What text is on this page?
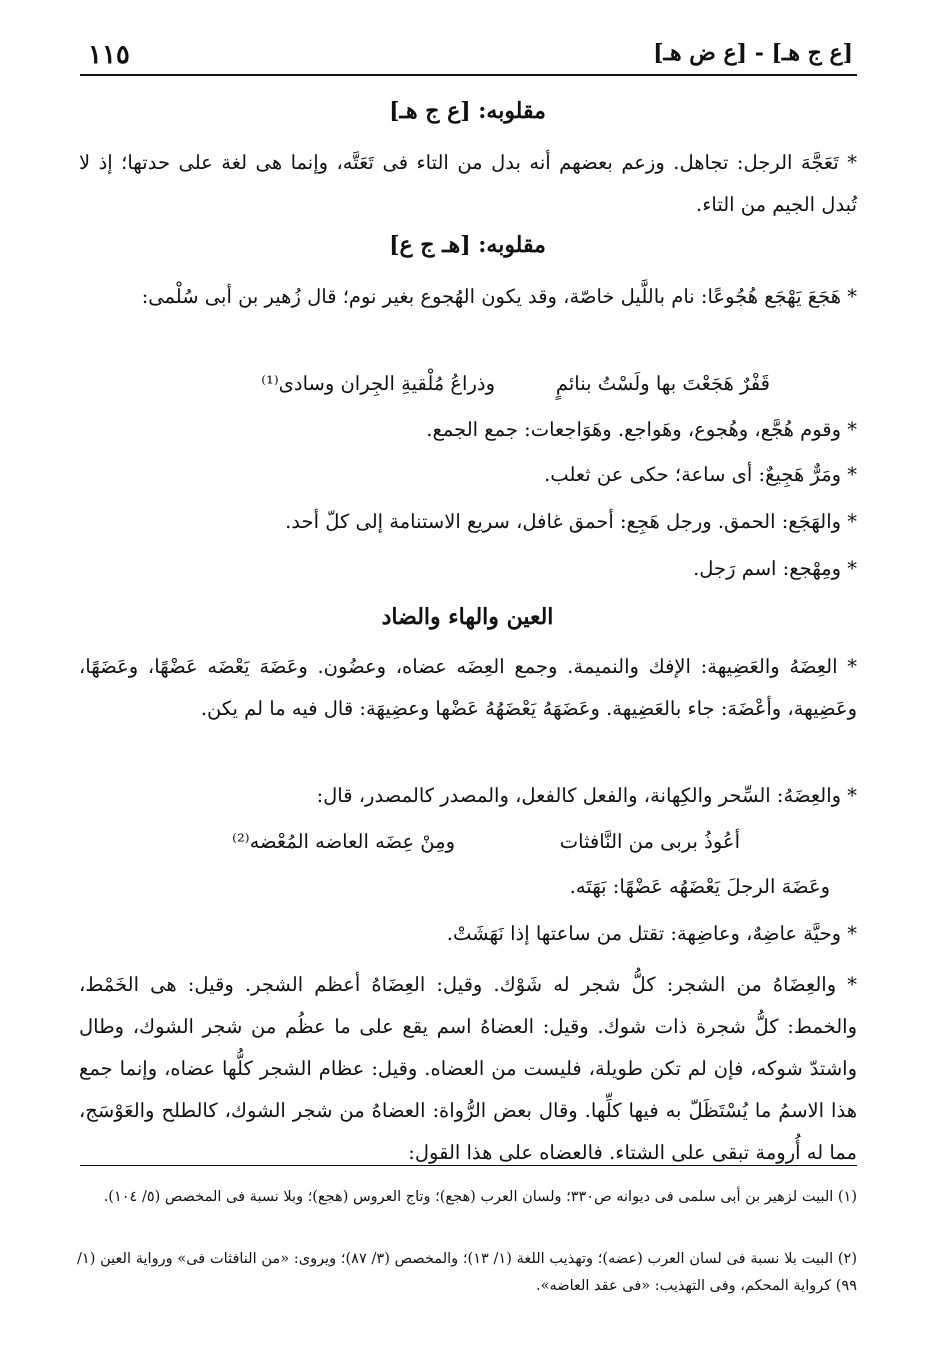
١١٥	[ع ج هـ] - [ع ض هـ]
مقلوبه: [ع ج هـ]
* تَعَجَّهَ الرجل: تجاهل. وزعم بعضهم أنه بدل من التاء فى تَعَتَّه، وإنما هى لغة على حدتها؛ إذ لا تُبدل الجيم من التاء.
مقلوبه: [هـ ج ع]
* هَجَعَ يَهْجَع هُجُوعًا: نام باللَّيل خاصّة، وقد يكون الهُجوع بغير نوم؛ قال زُهير بن أبى سُلْمى:
قَفْرٌ هَجَعْتَ بها ولَسْتُ بنائمٍ
وذراعُ مُلْقيةِ الجِران وسادى⁽¹⁾
* وقوم هُجَّع، وهُجوع، وهَواجع. وهَوَاجعات: جمع الجمع.
* ومَرٌّ هَجِيعٌ: أى ساعة؛ حكى عن ثعلب.
* والهَجَع: الحمق. ورجل هَجِع: أحمق غافل، سريع الاستنامة إلى كلّ أحد.
* ومِهْجع: اسم رَجل.
العين والهاء والضاد
* العِضَهُ والعَضِيهة: الإفك والنميمة. وجمع العِضَه عضاه، وعضُون. وعَضَهَ يَعْضَه عَضْهًا، وعَضَهًا، وعَضِيهة، وأعْضَهَ: جاء بالعَضِيهة. وعَضَهَهُ يَعْضَهُهُ عَضْها وعضِيهَة: قال فيه ما لم يكن.
* والعِضَهُ: السِّحر والكِهانة، والفعل كالفعل، والمصدر كالمصدر، قال:
أعُوذُ بربى من النَّافثات
ومِنْ عِضَه العاضه المُعْضه⁽²⁾
وعَضَهَ الرجلَ يَعْضَهُه عَضْهًا: بَهَتَه.
* وحيَّة عاضِهٌ، وعاضِهة: تقتل من ساعتها إذا نَهَشَتْ.
* والعِضَاهُ من الشجر: كلُّ شجر له شَوْك. وقيل: العِضَاهُ أعظم الشجر. وقيل: هى الخَمْط، والخمط: كلُّ شجرة ذات شوك. وقيل: العضاهُ اسم يقع على ما عظُم من شجر الشوك، وطال واشتدّ شوكه، فإن لم تكن طويلة، فليست من العضاه. وقيل: عظام الشجر كلُّها عضاه، وإنما جمع هذا الاسمُ ما يُسْتَظَلّ به فيها كلِّها. وقال بعض الرُّواة: العضاهُ من شجر الشوك، كالطلح والعَوْسَج، مما له أُرومة تبقى على الشتاء. فالعضاه على هذا القول:
(١) البيت لزهير بن أبى سلمى فى ديوانه ص٣٣٠؛ ولسان العرب (هجع)؛ وتاج العروس (هجع)؛ وبلا نسبة فى المخصص (٥/ ١٠٤).
(٢) البيت بلا نسبة فى لسان العرب (عضه)؛ وتهذيب اللغة (١/ ١٣)؛ والمخصص (٣/ ٨٧)؛ ويروى: «من النافثات فى» ورواية العين (١/ ٩٩) كرواية المحكم، وفى التهذيب: «فى عقد العاضه».
